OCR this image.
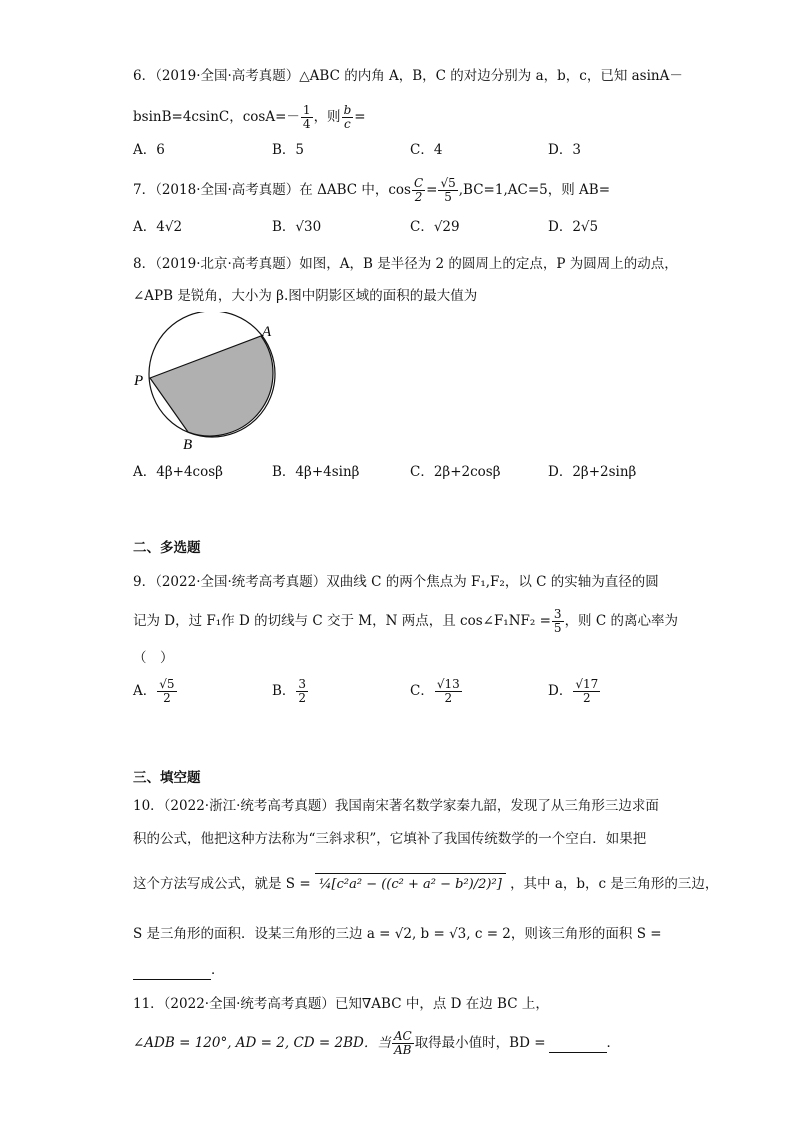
6．（2019·全国·高考真题）△ABC 的内角 A，B，C 的对边分别为 a，b，c，已知 asinA－
bsinB=4csinC，$\cos A=- \frac{1}{4}$ ，则 $\frac{b}{c}$ =
A．6	B．5	C．4	D．3
7．（2018·全国·高考真题）在 ΔABC 中，$\cos \frac{C}{2} = \frac{√5}{5} ,BC=1,AC=5$，则 AB=
A．4√2	B．√30	C．√29	D．2√5
8．（2019·北京·高考真题）如图，A，B 是半径为 2 的圆周上的定点，P 为圆周上的动点，
∠APB 是锐角，大小为 β.图中阴影区域的面积的最大值为
A
P
B
A．4β+4cosβ	B．4β+4sinβ	C．2β+2cosβ	D．2β+2sinβ
二、多选题
9．（2022·全国·统考高考真题）双曲线 C 的两个焦点为 F₁,F₂，以 C 的实轴为直径的圆
记为 D，过 F₁作 D 的切线与 C 交于 M，N 两点，且 cos∠F₁NF₂ = $\frac{3}{5}$ ，则 C 的离心率为
（　）
A． $\frac{√5}{2}$	B． $\frac{3}{2}$	C． $\frac{√13}{2}$	D． $\frac{√17}{2}$
三、填空题
10．（2022·浙江·统考高考真题）我国南宋著名数学家秦九韶，发现了从三角形三边求面
积的公式，他把这种方法称为“三斜求积”，它填补了我国传统数学的一个空白．如果把
这个方法写成公式，就是 S = ¼[c²a² − ((c² + a² − b²)/2)²] ，其中 a，b，c 是三角形的三边，
S 是三角形的面积．设某三角形的三边 a = √2, b = √3, c = 2，则该三角形的面积 S =
．
11．（2022·全国·统考高考真题）已知∇ABC 中，点 D 在边 BC 上，
∠ADB = 120°, AD = 2, CD = 2BD．当 $\frac{AC}{AB}$ 取得最小值时，BD =	．
